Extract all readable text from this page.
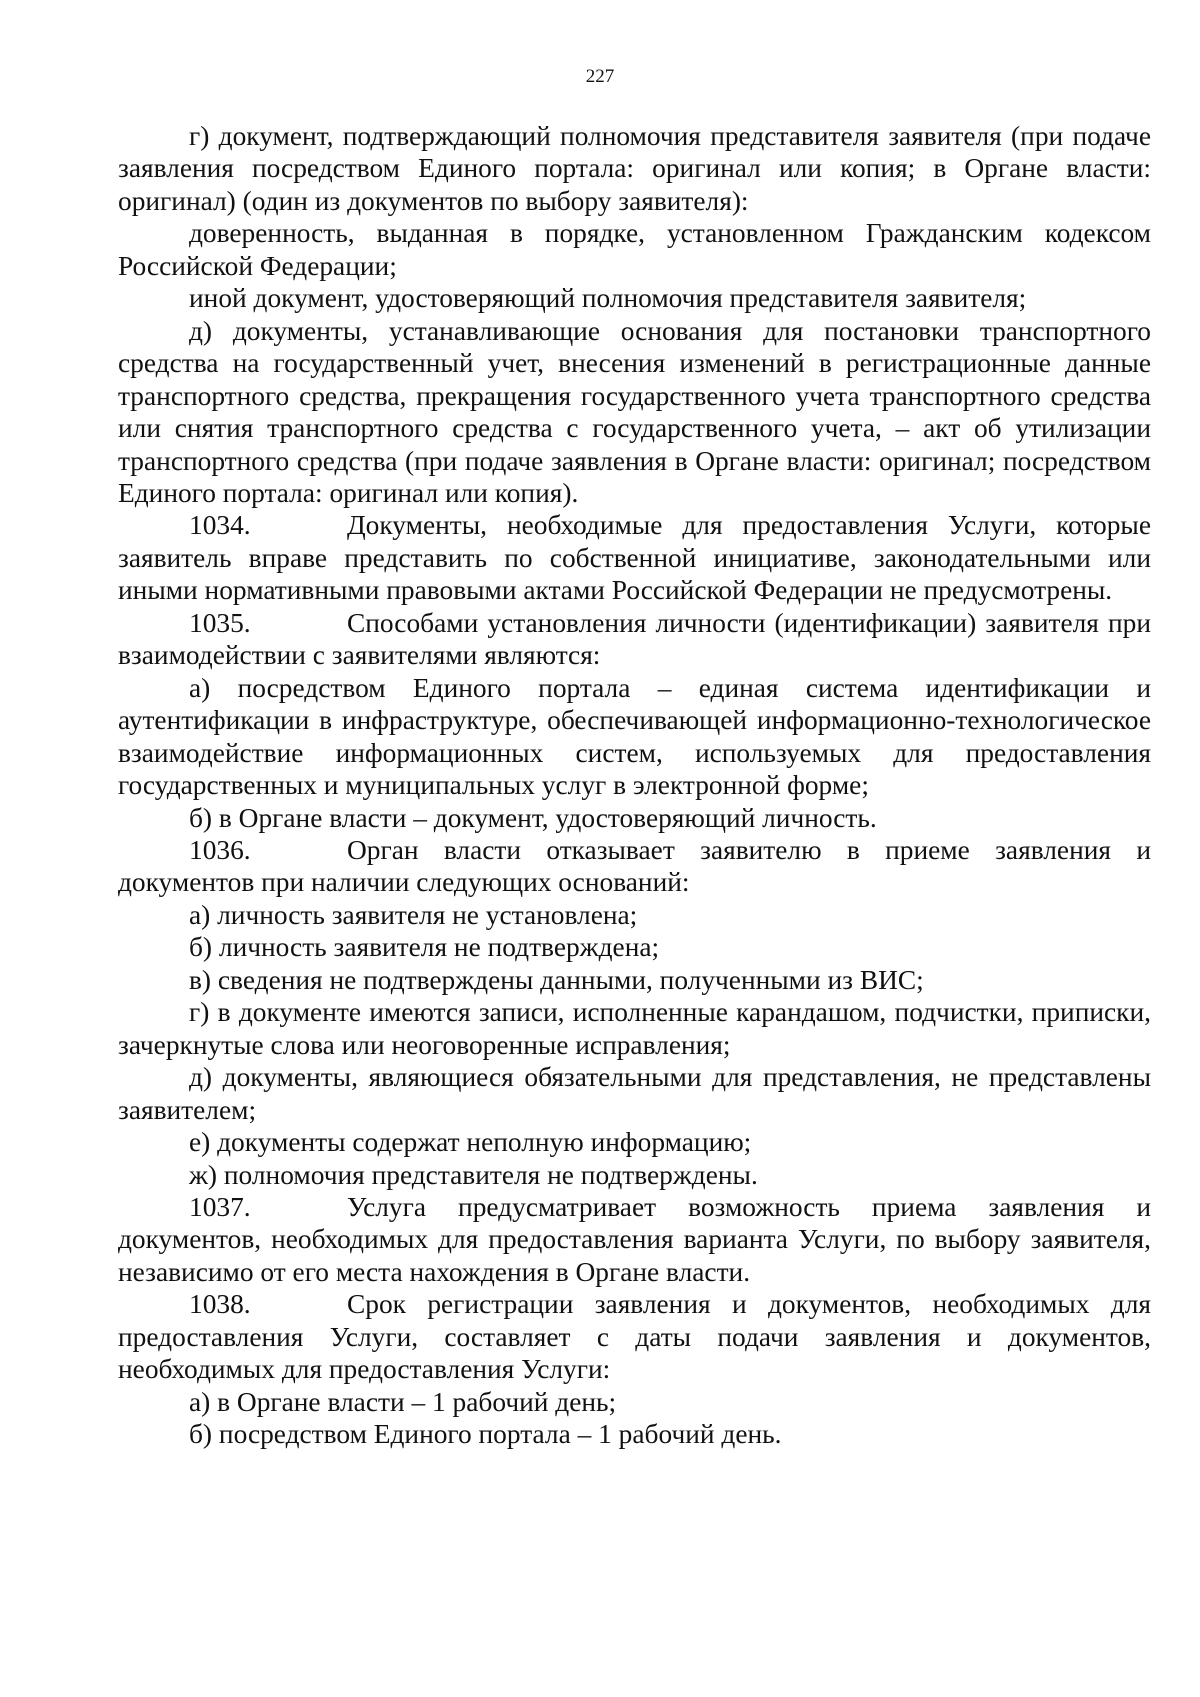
227

г) документ, подтверждающий полномочия представителя заявителя (при подаче заявления посредством Единого портала: оригинал или копия; в Органе власти: оригинал) (один из документов по выбору заявителя):

доверенность, выданная в порядке, установленном Гражданским кодексом Российской Федерации;

иной документ, удостоверяющий полномочия представителя заявителя;

д) документы, устанавливающие основания для постановки транспортного средства на государственный учет, внесения изменений в регистрационные данные транспортного средства, прекращения государственного учета транспортного средства или снятия транспортного средства с государственного учета, – акт об утилизации транспортного средства (при подаче заявления в Органе власти: оригинал; посредством Единого портала: оригинал или копия).

1034.	Документы, необходимые для предоставления Услуги, которые заявитель вправе представить по собственной инициативе, законодательными или иными нормативными правовыми актами Российской Федерации не предусмотрены.

1035.	Способами установления личности (идентификации) заявителя при взаимодействии с заявителями являются:

а) посредством Единого портала – единая система идентификации и аутентификации в инфраструктуре, обеспечивающей информационно-технологическое взаимодействие информационных систем, используемых для предоставления государственных и муниципальных услуг в электронной форме;

б) в Органе власти – документ, удостоверяющий личность.

1036.	Орган власти отказывает заявителю в приеме заявления и документов при наличии следующих оснований:

а) личность заявителя не установлена;

б) личность заявителя не подтверждена;

в) сведения не подтверждены данными, полученными из ВИС;

г) в документе имеются записи, исполненные карандашом, подчистки, приписки, зачеркнутые слова или неоговоренные исправления;

д) документы, являющиеся обязательными для представления, не представлены заявителем;

е) документы содержат неполную информацию;

ж) полномочия представителя не подтверждены.

1037.	Услуга предусматривает возможность приема заявления и документов, необходимых для предоставления варианта Услуги, по выбору заявителя, независимо от его места нахождения в Органе власти.

1038.	Срок регистрации заявления и документов, необходимых для предоставления Услуги, составляет с даты подачи заявления и документов, необходимых для предоставления Услуги:

а) в Органе власти – 1 рабочий день;

б) посредством Единого портала – 1 рабочий день.
